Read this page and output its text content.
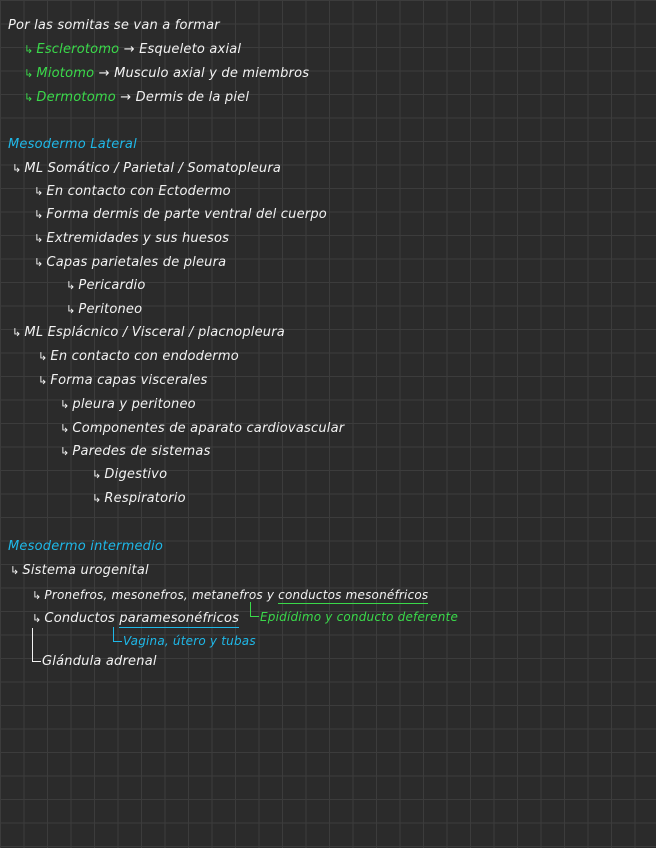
Por las somitas se van a formar
↳ Esclerotomo → Esqueleto axial
↳ Miotomo → Musculo axial y de miembros
↳ Dermotomo → Dermis de la piel
Mesodermo Lateral
↳ ML Somático / Parietal / Somatopleura
↳ En contacto con Ectodermo
↳ Forma dermis de parte ventral del cuerpo
↳ Extremidades y sus huesos
↳ Capas parietales de pleura
↳ Pericardio
↳ Peritoneo
↳ ML Esplácnico / Visceral / placnopleura
↳ En contacto con endodermo
↳ Forma capas viscerales
↳ pleura y peritoneo
↳ Componentes de aparato cardiovascular
↳ Paredes de sistemas
↳ Digestivo
↳ Respiratorio
Mesodermo intermedio
↳ Sistema urogenital
↳ Pronefros, mesonefros, metanefros y conductos mesonéfricos
Epidídimo y conducto deferente
↳ Conductos paramesonéfricos
Vagina, útero y tubas
Glándula adrenal
